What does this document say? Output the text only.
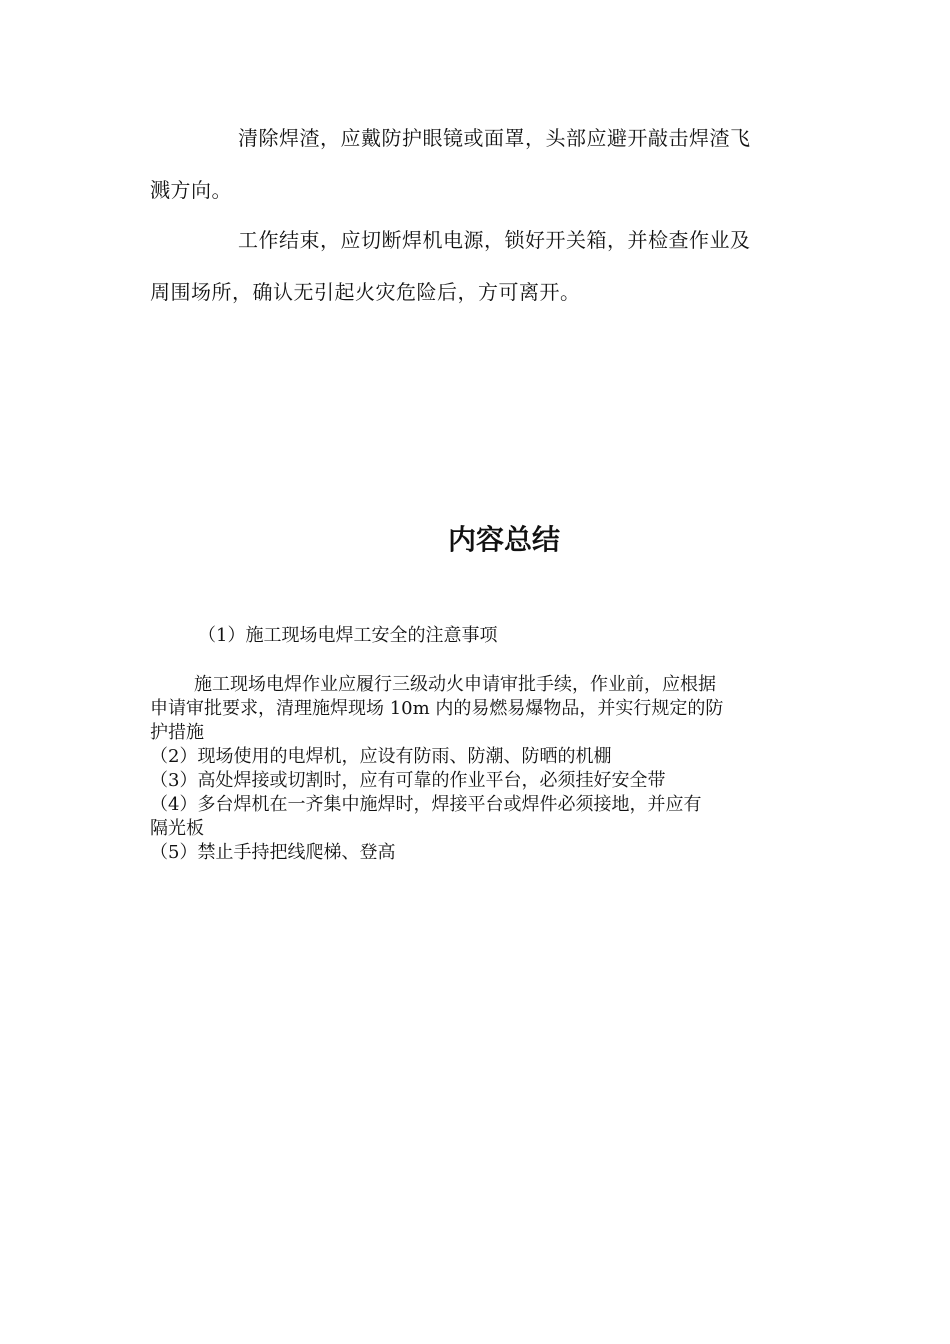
清除焊渣，应戴防护眼镜或面罩，头部应避开敲击焊渣飞
溅方向。

工作结束，应切断焊机电源，锁好开关箱，并检查作业及
周围场所，确认无引起火灾危险后，方可离开。

内容总结

（1）施工现场电焊工安全的注意事项

施工现场电焊作业应履行三级动火申请审批手续，作业前，应根据
申请审批要求，清理施焊现场 10m 内的易燃易爆物品，并实行规定的防
护措施
（2）现场使用的电焊机，应设有防雨、防潮、防晒的机棚
（3）高处焊接或切割时，应有可靠的作业平台，必须挂好安全带
（4）多台焊机在一齐集中施焊时，焊接平台或焊件必须接地，并应有
隔光板
（5）禁止手持把线爬梯、登高
